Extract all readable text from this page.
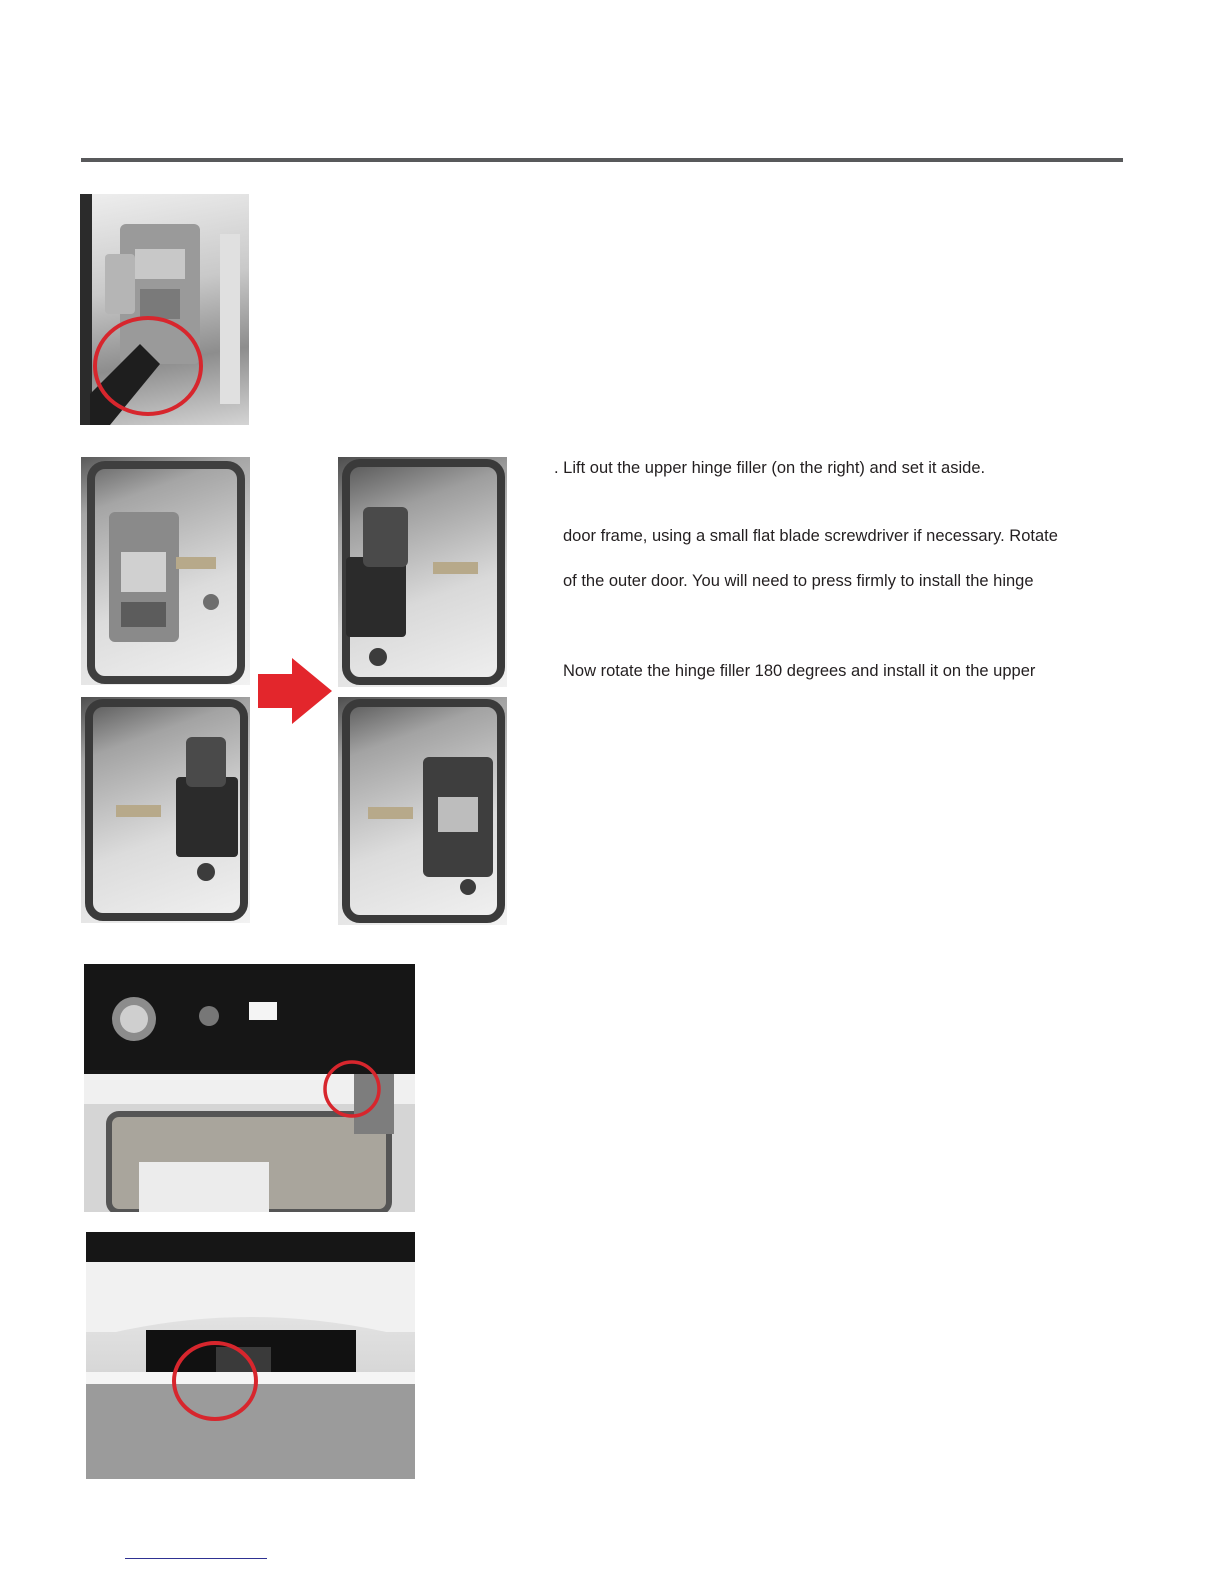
. Lift out the upper hinge filler (on the right) and set it aside.
door frame, using a small flat blade screwdriver if necessary. Rotate
of the outer door. You will need to press firmly to install the hinge
Now rotate the hinge filler 180 degrees and install it on the upper
